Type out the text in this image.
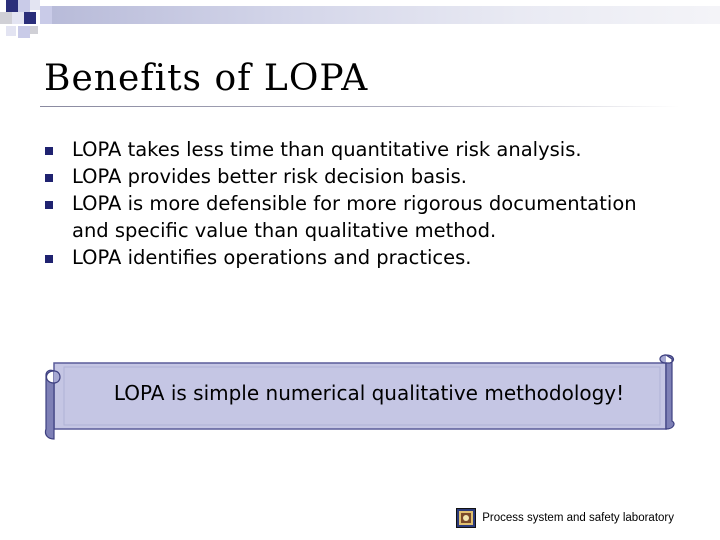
Benefits of LOPA
LOPA takes less time than quantitative risk analysis.
LOPA provides better risk decision basis.
LOPA is more defensible for more rigorous documentation and specific value than qualitative method.
LOPA identifies operations and practices.
LOPA is simple numerical qualitative methodology!
Process system and safety laboratory
